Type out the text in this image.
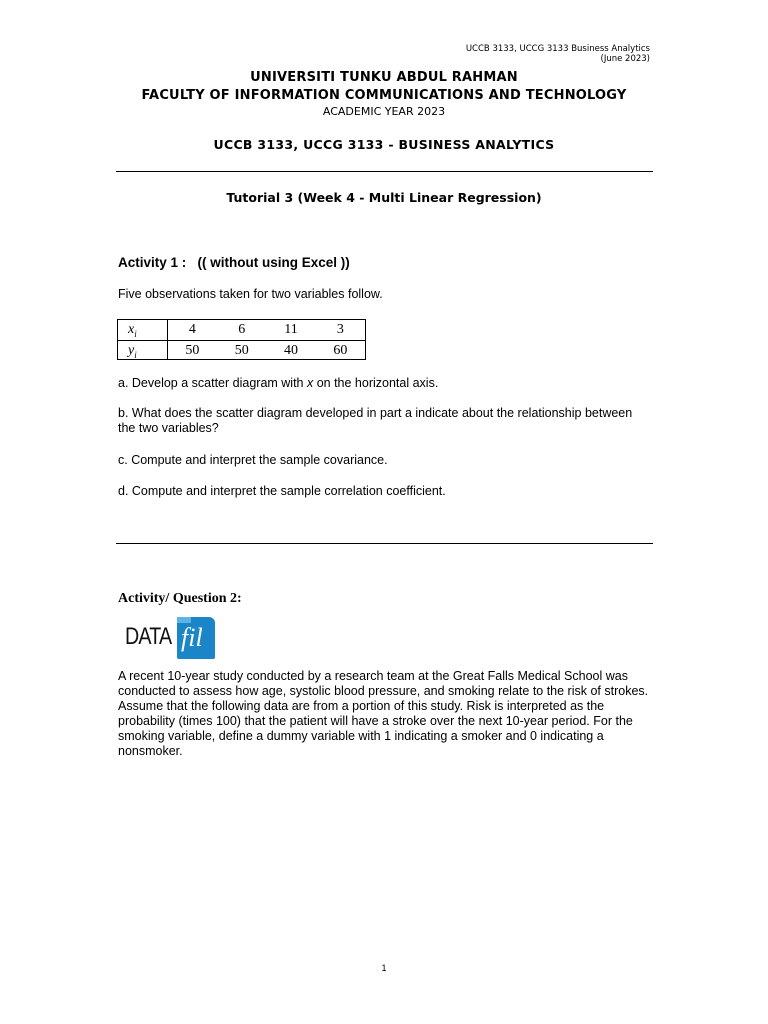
UCCB 3133, UCCG 3133 Business Analytics
(June 2023)
UNIVERSITI TUNKU ABDUL RAHMAN
FACULTY OF INFORMATION COMMUNICATIONS AND TECHNOLOGY
ACADEMIC YEAR 2023
UCCB 3133, UCCG 3133 - BUSINESS ANALYTICS
Tutorial 3 (Week 4 - Multi Linear Regression)
Activity 1 :   (( without using Excel ))
Five observations taken for two variables follow.
$x_i$	4	6	11	3
$y_i$	50	50	40	60
a. Develop a scatter diagram with x on the horizontal axis.
b. What does the scatter diagram developed in part a indicate about the relationship between the two variables?
c. Compute and interpret the sample covariance.
d. Compute and interpret the sample correlation coefficient.
Activity/ Question 2:
DATA fil
A recent 10-year study conducted by a research team at the Great Falls Medical School was conducted to assess how age, systolic blood pressure, and smoking relate to the risk of strokes. Assume that the following data are from a portion of this study. Risk is interpreted as the probability (times 100) that the patient will have a stroke over the next 10-year period. For the smoking variable, define a dummy variable with 1 indicating a smoker and 0 indicating a nonsmoker.
1
